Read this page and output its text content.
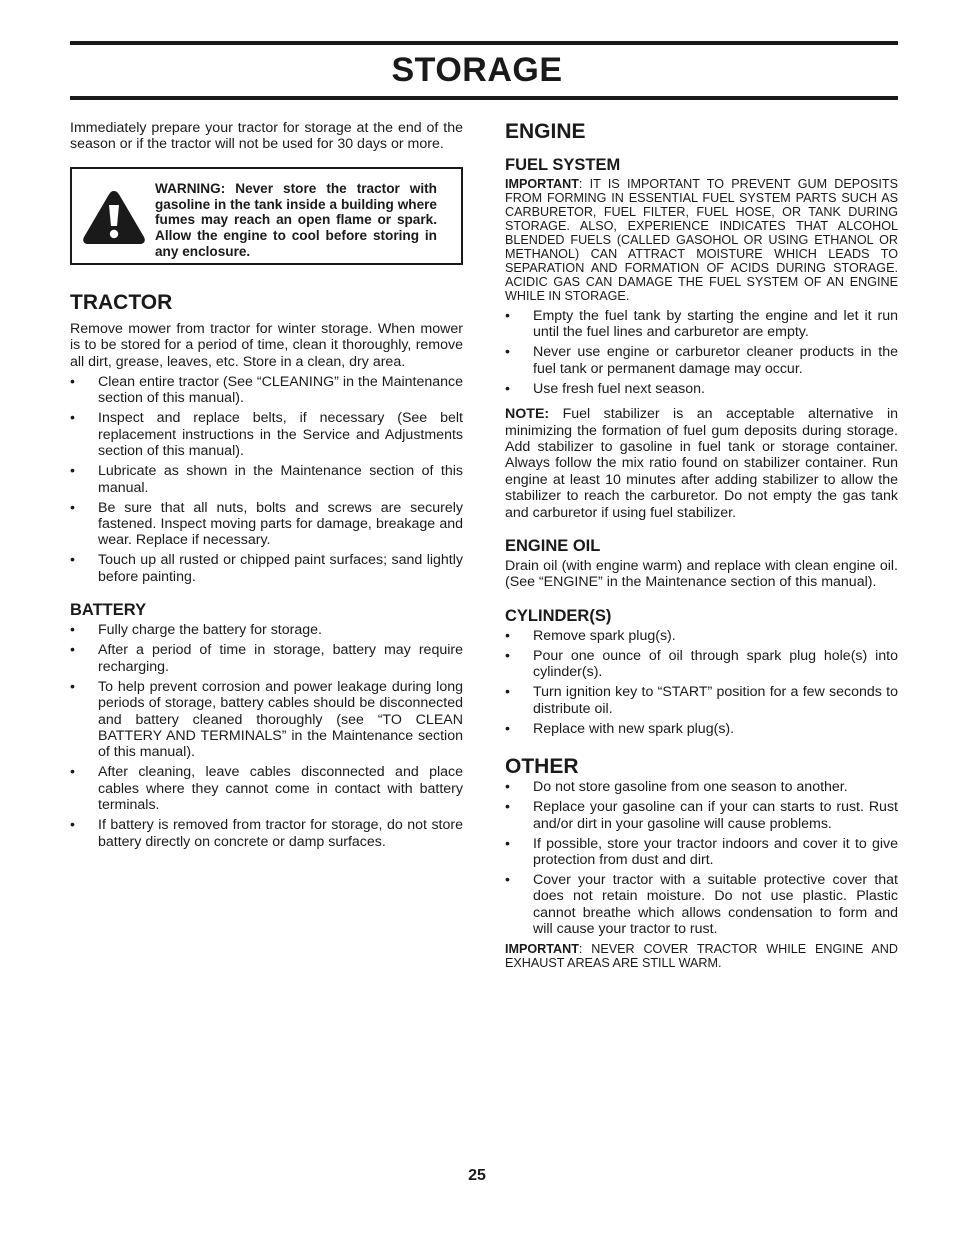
STORAGE

Immediately prepare your tractor for storage at the end of the season or if the tractor will not be used for 30 days or more.

WARNING: Never store the tractor with gasoline in the tank inside a building where fumes may reach an open flame or spark. Allow the engine to cool before storing in any enclosure.
TRACTOR

Remove mower from tractor for winter storage. When mower is to be stored for a period of time, clean it thoroughly, remove all dirt, grease, leaves, etc. Store in a clean, dry area.

•	Clean entire tractor (See “CLEANING” in the Maintenance section of this manual).
•	Inspect and replace belts, if necessary (See belt replacement instructions in the Service and Adjustments section of this manual).
•	Lubricate as shown in the Maintenance section of this manual.
•	Be sure that all nuts, bolts and screws are securely fastened. Inspect moving parts for damage, breakage and wear. Replace if necessary.
•	Touch up all rusted or chipped paint surfaces; sand lightly before painting.
BATTERY
•	Fully charge the battery for storage.
•	After a period of time in storage, battery may require recharging.
•	To help prevent corrosion and power leakage during long periods of storage, battery cables should be disconnected and battery cleaned thoroughly (see “TO CLEAN BATTERY AND TERMINALS” in the Maintenance section of this manual).
•	After cleaning, leave cables disconnected and place cables where they cannot come in contact with battery terminals.
•	If battery is removed from tractor for storage, do not store battery directly on concrete or damp surfaces.
ENGINE
FUEL SYSTEM
IMPORTANT: IT IS IMPORTANT TO PREVENT GUM DEPOSITS FROM FORMING IN ESSENTIAL FUEL SYSTEM PARTS SUCH AS CARBURETOR, FUEL FILTER, FUEL HOSE, OR TANK DURING STORAGE. ALSO, EXPERIENCE INDICATES THAT ALCOHOL BLENDED FUELS (CALLED GASOHOL OR USING ETHANOL OR METHANOL) CAN ATTRACT MOISTURE WHICH LEADS TO SEPARATION AND FORMATION OF ACIDS DURING STORAGE. ACIDIC GAS CAN DAMAGE THE FUEL SYSTEM OF AN ENGINE WHILE IN STORAGE.
•	Empty the fuel tank by starting the engine and let it run until the fuel lines and carburetor are empty.
•	Never use engine or carburetor cleaner products in the fuel tank or permanent damage may occur.
•	Use fresh fuel next season.

NOTE: Fuel stabilizer is an acceptable alternative in minimizing the formation of fuel gum deposits during storage. Add stabilizer to gasoline in fuel tank or storage container. Always follow the mix ratio found on stabilizer container. Run engine at least 10 minutes after adding stabilizer to allow the stabilizer to reach the carburetor. Do not empty the gas tank and carburetor if using fuel stabilizer.

ENGINE OIL

Drain oil (with engine warm) and replace with clean engine oil. (See “ENGINE” in the Maintenance section of this manual).

CYLINDER(S)
•	Remove spark plug(s).
•	Pour one ounce of oil through spark plug hole(s) into cylinder(s).
•	Turn ignition key to “START” position for a few seconds to distribute oil.
•	Replace with new spark plug(s).
OTHER
•	Do not store gasoline from one season to another.
•	Replace your gasoline can if your can starts to rust. Rust and/or dirt in your gasoline will cause problems.
•	If possible, store your tractor indoors and cover it to give protection from dust and dirt.
•	Cover your tractor with a suitable protective cover that does not retain moisture. Do not use plastic. Plastic cannot breathe which allows condensation to form and will cause your tractor to rust.
IMPORTANT: NEVER COVER TRACTOR WHILE ENGINE AND EXHAUST AREAS ARE STILL WARM.

25
